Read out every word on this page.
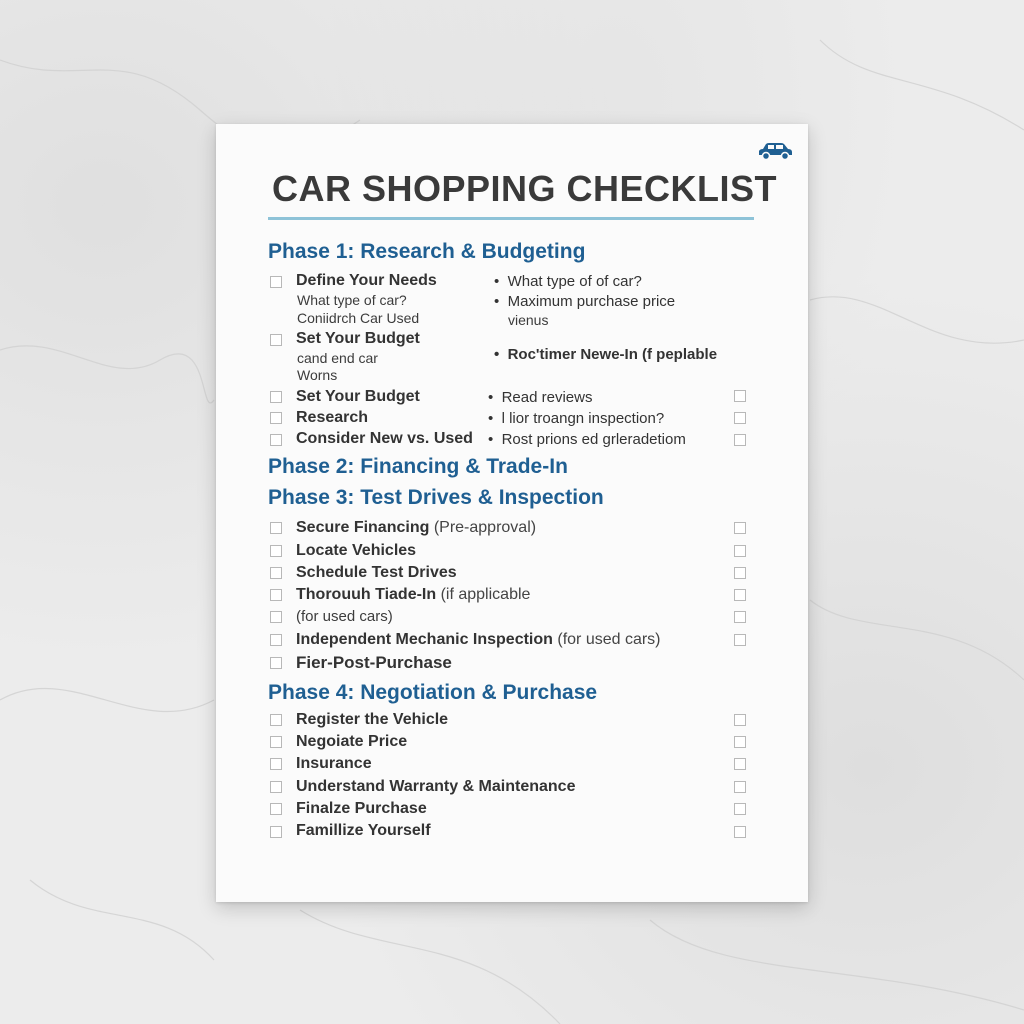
CAR SHOPPING CHECKLIST
Phase 1: Research & Budgeting
Define Your Needs
What type of car?
Coniidrch Car Used
Set Your Budget
cand end car
Worns
Set Your Budget
Research
Consider New vs. Used
•  What type of of car?
•  Maximum purchase price
vienus
•  Roc'timer Newe-In (f peplable
•  Read reviews
•  l lior troangn inspection?
•  Rost prions ed grleradetiom
Phase 2: Financing & Trade-In
Phase 3: Test Drives & Inspection
Secure Financing (Pre-approval)
Locate Vehicles
Schedule Test Drives
Thorouuh Tiade-In (if applicable
(for used cars)
Independent Mechanic Inspection (for used cars)
Fier-Post-Purchase
Phase 4: Negotiation & Purchase
Register the Vehicle
Negoiate Price
Insurance
Understand Warranty & Maintenance
Finalze Purchase
Famillize Yourself
